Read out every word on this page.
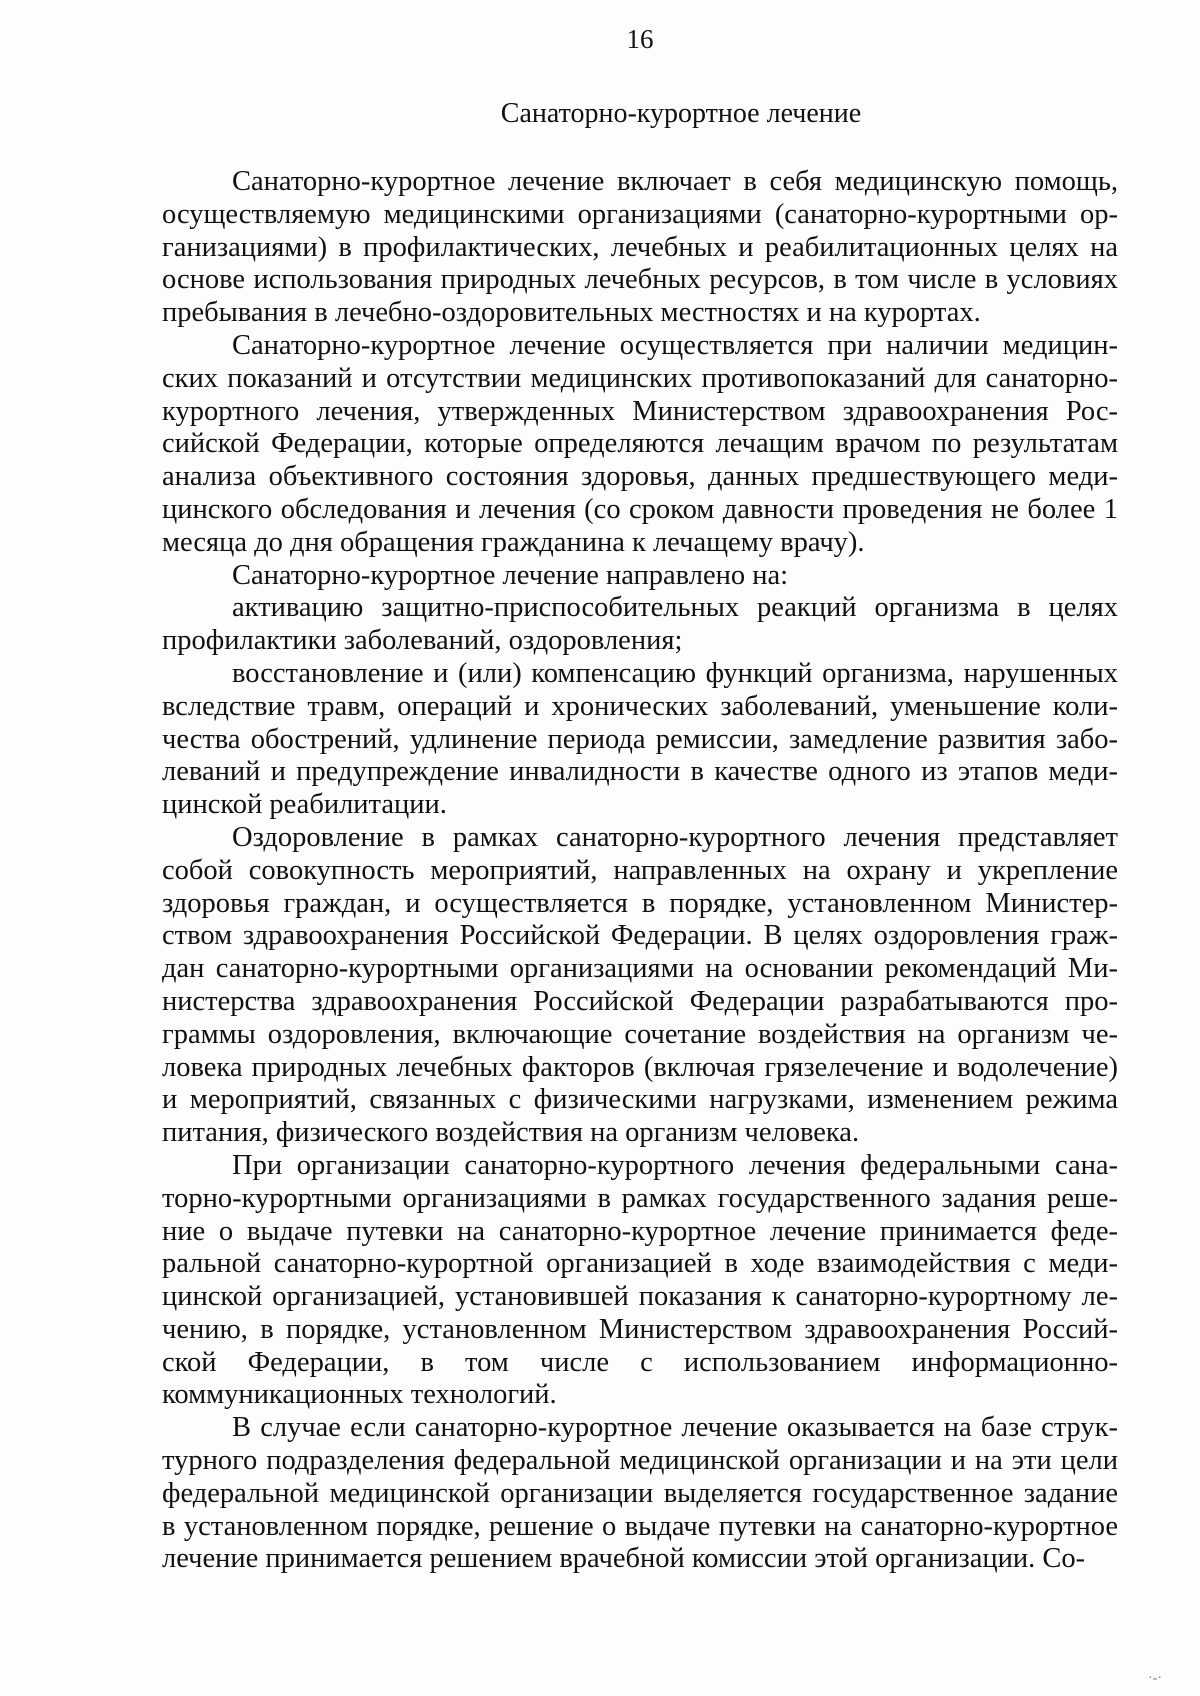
16
Санаторно-курортное лечение

Санаторно-курортное лечение включает в себя медицинскую помощь, осуществляемую медицинскими организациями (санаторно-курортными организациями) в профилактических, лечебных и реабилитационных целях на основе использования природных лечебных ресурсов, в том числе в условиях пребывания в лечебно-оздоровительных местностях и на курортах.

Санаторно-курортное лечение осуществляется при наличии медицинских показаний и отсутствии медицинских противопоказаний для санаторно-курортного лечения, утвержденных Министерством здравоохранения Российской Федерации, которые определяются лечащим врачом по результатам анализа объективного состояния здоровья, данных предшествующего медицинского обследования и лечения (со сроком давности проведения не более 1 месяца до дня обращения гражданина к лечащему врачу).

Санаторно-курортное лечение направлено на:

активацию защитно-приспособительных реакций организма в целях профилактики заболеваний, оздоровления;

восстановление и (или) компенсацию функций организма, нарушенных вследствие травм, операций и хронических заболеваний, уменьшение количества обострений, удлинение периода ремиссии, замедление развития заболеваний и предупреждение инвалидности в качестве одного из этапов медицинской реабилитации.

Оздоровление в рамках санаторно-курортного лечения представляет собой совокупность мероприятий, направленных на охрану и укрепление здоровья граждан, и осуществляется в порядке, установленном Министерством здравоохранения Российской Федерации. В целях оздоровления граждан санаторно-курортными организациями на основании рекомендаций Министерства здравоохранения Российской Федерации разрабатываются программы оздоровления, включающие сочетание воздействия на организм человека природных лечебных факторов (включая грязелечение и водолечение) и мероприятий, связанных с физическими нагрузками, изменением режима питания, физического воздействия на организм человека.

При организации санаторно-курортного лечения федеральными санаторно-курортными организациями в рамках государственного задания решение о выдаче путевки на санаторно-курортное лечение принимается федеральной санаторно-курортной организацией в ходе взаимодействия с медицинской организацией, установившей показания к санаторно-курортному лечению, в порядке, установленном Министерством здравоохранения Российской Федерации, в том числе с использованием информационно-коммуникационных технологий.

В случае если санаторно-курортное лечение оказывается на базе структурного подразделения федеральной медицинской организации и на эти цели федеральной медицинской организации выделяется государственное задание в установленном порядке, решение о выдаче путевки на санаторно-курортное лечение принимается решением врачебной комиссии этой организации. Со-

·-·
